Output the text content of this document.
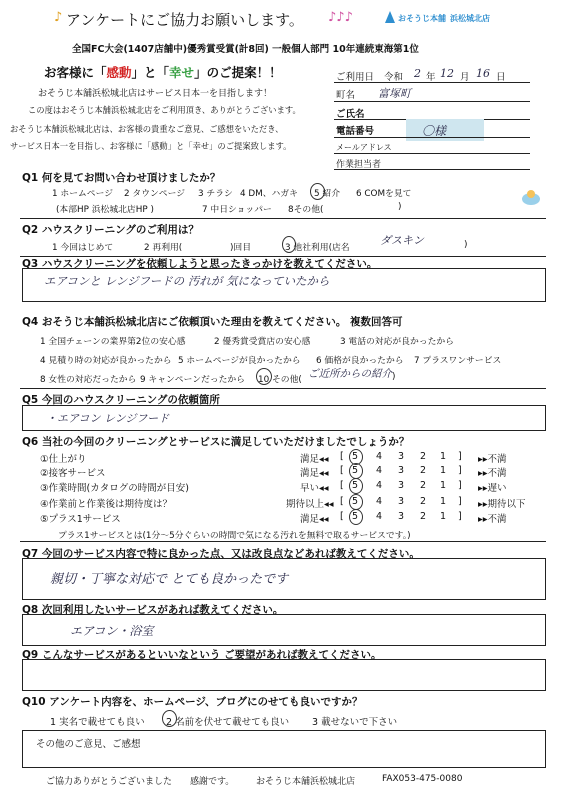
♪ アンケートにご協力お願いします。 ♪♪♪	おそうじ本舗 浜松城北店
全国FC大会(1407店舗中)優秀賞受賞(計8回) 一般個人部門 10年連続東海第1位
お客様に「感動」と「幸せ」のご提案！！
おそうじ本舗浜松城北店はサービス日本一を目指します！
この度はおそうじ本舗浜松城北店をご利用頂き、ありがとうございます。
おそうじ本舗浜松城北店は、お客様の貴重なご意見、ご感想をいただき、
サービス日本一を目指し、お客様に「感動」と「幸せ」のご提案致します。
ご利用日 令和 2 年 12 月 16 日
町名 富塚町
ご氏名
電話番号	〇様
メールアドレス
作業担当者
Q1 何を見てお問い合わせ頂けましたか？
1 ホームページ 2 タウンページ 3 チラシ 4 DM、ハガキ 5 紹介 6 COMを見て
(本部HP 浜松城北店HP )	7 中日ショッパー 8その他(	)
Q2 ハウスクリーニングのご利用は？
1 今回はじめて	2 再利用(	)回目	3 他社利用(店名
ダスキン	)
Q3 ハウスクリーニングを依頼しようと思ったきっかけを教えてください。
エアコンと レンジフードの 汚れが 気になっていたから
Q4 おそうじ本舗浜松城北店にご依頼頂いた理由を教えてください。 複数回答可
1 全国チェーンの業界第2位の安心感	2 優秀賞受賞店の安心感	3 電話の対応が良かったから
4 見積り時の対応が良かったから 5 ホームページが良かったから 6 価格が良かったから 7 プラスワンサービス
8 女性の対応だったから 9 キャンペーンだったから 10 その他( ご近所からの紹介 )
Q5 今回のハウスクリーニングの依頼箇所
・エアコン レンジフード
Q6 当社の今回のクリーニングとサービスに満足していただけましたでしょうか？
①仕上がり	満足◂◂ [ 5 4 3 2 1 ] ▸▸不満
②接客サービス	満足◂◂ [ 5 4 3 2 1 ] ▸▸不満
③作業時間(カタログの時間が目安)	早い◂◂ [ 5 4 3 2 1 ] ▸▸遅い
④作業前と作業後は期待度は？	期待以上◂◂ [ 5 4 3 2 1 ] ▸▸期待以下
⑤プラス1サービス	満足◂◂ [ 5 4 3 2 1 ] ▸▸不満
プラス1サービスとは(1分～5分ぐらいの時間で気になる汚れを無料で取るサービスです。)
Q7 今回のサービス内容で特に良かった点、又は改良点などあれば教えてください。
親切・丁寧な対応で とても良かったです
Q8 次回利用したいサービスがあれば教えてください。
エアコン・浴室
Q9 こんなサービスがあるといいなという ご要望があれば教えてください。
Q10 アンケート内容を、ホームページ、ブログにのせても良いですか？
1 実名で載せても良い 2 名前を伏せて載せても良い 3 載せないで下さい
その他のご意見、ご感想
ご協力ありがとうございました 感謝です。 おそうじ本舗浜松城北店	FAX053-475-0080
